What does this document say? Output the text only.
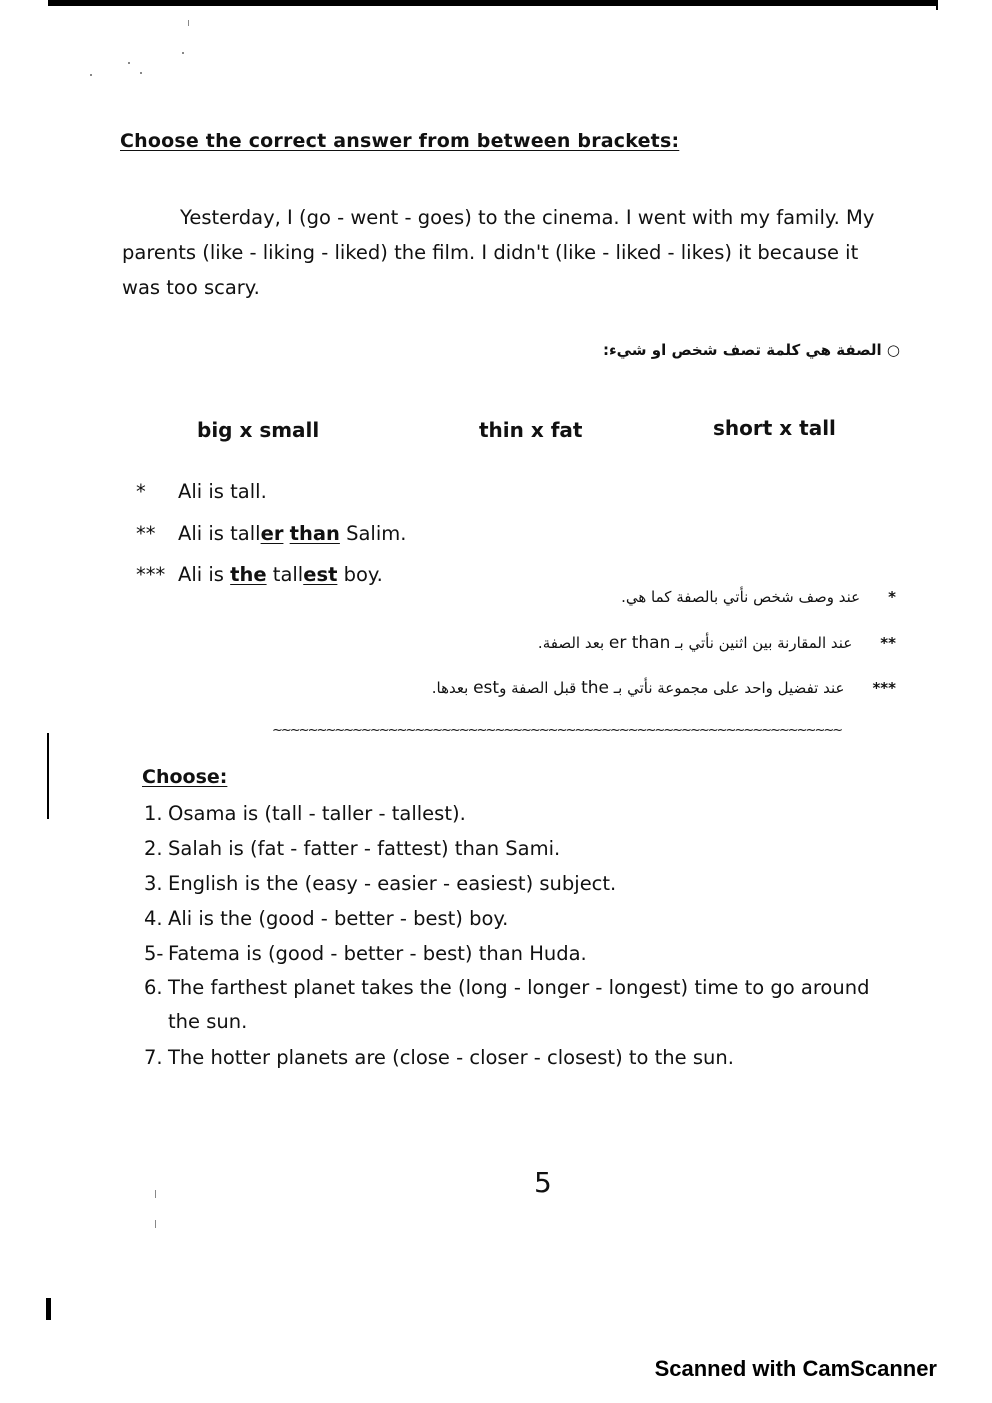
Choose the correct answer from between brackets:
Yesterday, I (go - went - goes) to the cinema. I went with my family. My
parents (like - liking - liked) the film. I didn't (like - liked - likes) it because it
was too scary.
○ الصفة هي كلمة تصف شخص او شيء:
big x small	thin x fat	short x tall
* Ali is tall.
** Ali is taller than Salim.
*** Ali is the tallest boy.
*عند وصف شخص نأتي بالصفة كما هي.
**عند المقارنة بين اثنين نأتي بـ er than بعد الصفة.
***عند تفضيل واحد على مجموعة نأتي بـ the قبل الصفة وest بعدها.
~~~~~~~~~~~~~~~~~~~~~~~~~~~~~~~~~~~~~~~~~~~~~~~~~~~~~~~~~~~~~~~~
Choose:
1. Osama is (tall - taller - tallest).
2. Salah is (fat - fatter - fattest) than Sami.
3. English is the (easy - easier - easiest) subject.
4. Ali is the (good - better - best) boy.
5- Fatema is (good - better - best) than Huda.
6. The farthest planet takes the (long - longer - longest) time to go around
the sun.
7. The hotter planets are (close - closer - closest) to the sun.
5
Scanned with CamScanner
